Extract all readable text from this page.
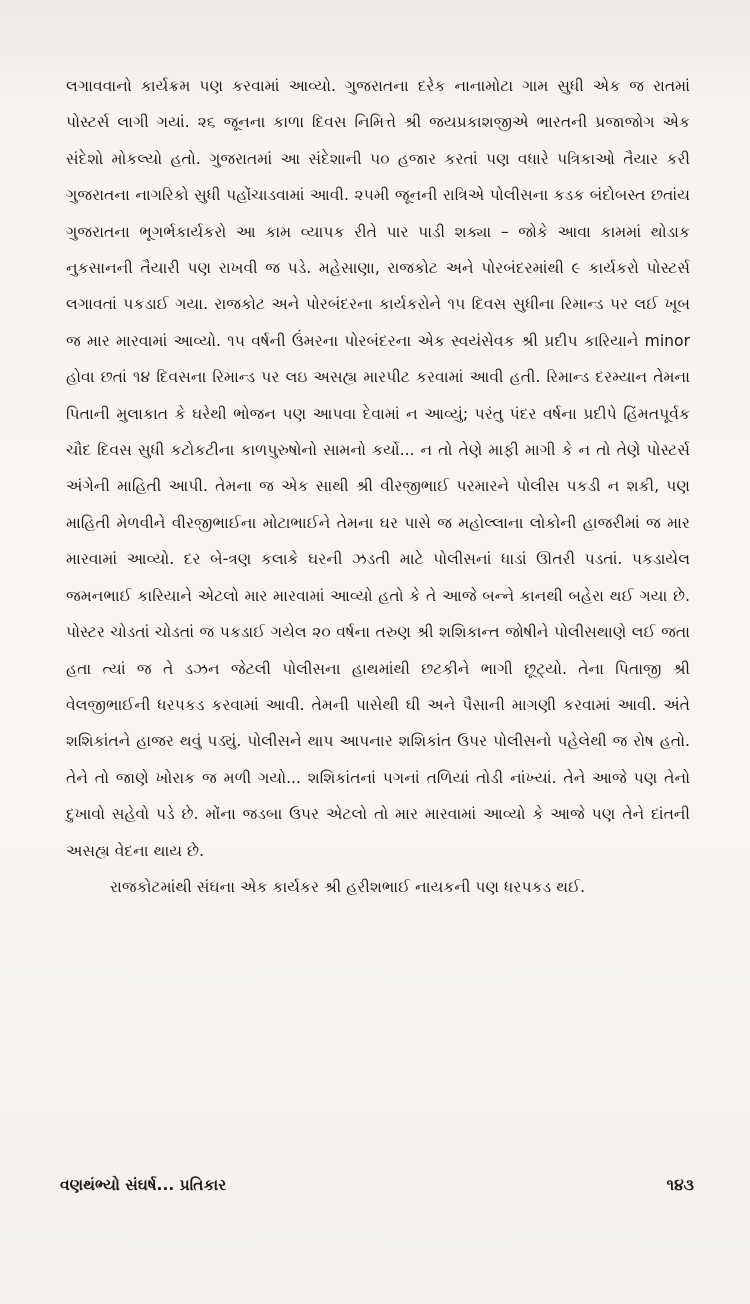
લગાવવાનો કાર્યક્રમ પણ કરવામાં આવ્યો. ગુજરાતના દરેક નાનામોટા ગામ સુધી એક જ રાતમાં પોસ્ટર્સ લાગી ગયાં. ૨૬ જૂનના કાળા દિવસ નિમિત્તે શ્રી જયપ્રકાશજીએ ભારતની પ્રજાજોગ એક સંદેશો મોકલ્યો હતો. ગુજરાતમાં આ સંદેશાની ૫૦ હજાર કરતાં પણ વધારે પત્રિકાઓ તૈયાર કરી ગુજરાતના નાગરિકો સુધી પહોંચાડવામાં આવી. ૨૫મી જૂનની રાત્રિએ પોલીસના કડક બંદોબસ્ત છતાંય ગુજરાતના ભૂગર્ભકાર્યકરો આ કામ વ્યાપક રીતે પાર પાડી શક્યા – જોકે આવા કામમાં થોડાક નુકસાનની તૈયારી પણ રાખવી જ પડે. મહેસાણા, રાજકોટ અને પોરબંદરમાંથી ૯ કાર્યકરો પોસ્ટર્સ લગાવતાં પકડાઈ ગયા. રાજકોટ અને પોરબંદરના કાર્યકરોને ૧૫ દિવસ સુધીના રિમાન્ડ પર લઈ ખૂબ જ માર મારવામાં આવ્યો. ૧૫ વર્ષની ઉંમરના પોરબંદરના એક સ્વયંસેવક શ્રી પ્રદીપ કારિયાને minor હોવા છતાં ૧૪ દિવસના રિમાન્ડ પર લઇ અસહ્ય મારપીટ કરવામાં આવી હતી. રિમાન્ડ દરમ્યાન તેમના પિતાની મુલાકાત કે ઘરેથી ભોજન પણ આપવા દેવામાં ન આવ્યું; પરંતુ પંદર વર્ષના પ્રદીપે હિંમતપૂર્વક ચૌદ દિવસ સુધી કટોકટીના કાળપુરુષોનો સામનો કર્યો... ન તો તેણે માફી માગી કે ન તો તેણે પોસ્ટર્સ અંગેની માહિતી આપી. તેમના જ એક સાથી શ્રી વીરજીભાઈ પરમારને પોલીસ પકડી ન શકી, પણ માહિતી મેળવીને વીરજીભાઈના મોટાભાઈને તેમના ઘર પાસે જ મહોલ્લાના લોકોની હાજરીમાં જ માર મારવામાં આવ્યો. દર બે-ત્રણ કલાકે ઘરની ઝડતી માટે પોલીસનાં ધાડાં ઊતરી પડતાં. પકડાયેલ જમનભાઈ કારિયાને એટલો માર મારવામાં આવ્યો હતો કે તે આજે બન્ને કાનથી બહેરા થઈ ગયા છે. પોસ્ટર ચોડતાં ચોડતાં જ પકડાઈ ગયેલ ૨૦ વર્ષના તરુણ શ્રી શશિકાન્ત જોષીને પોલીસથાણે લઈ જતા હતા ત્યાં જ તે ડઝન જેટલી પોલીસના હાથમાંથી છટકીને ભાગી છૂટ્યો. તેના પિતાજી શ્રી વેલજીભાઈની ધરપકડ કરવામાં આવી. તેમની પાસેથી ઘી અને પૈસાની માગણી કરવામાં આવી. અંતે શશિકાંતને હાજર થવું પડ્યું. પોલીસને થાપ આપનાર શશિકાંત ઉપર પોલીસનો પહેલેથી જ રોષ હતો. તેને તો જાણે ખોરાક જ મળી ગયો... શશિકાંતનાં પગનાં તળિયાં તોડી નાંખ્યાં. તેને આજે પણ તેનો દુખાવો સહેવો પડે છે. મોંના જડબા ઉપર એટલો તો માર મારવામાં આવ્યો કે આજે પણ તેને દાંતની અસહ્ય વેદના થાય છે.

રાજકોટમાંથી સંઘના એક કાર્યકર શ્રી હરીશભાઈ નાયકની પણ ધરપકડ થઈ.

વણથંભ્યો સંઘર્ષ... પ્રતિકાર	૧૪૩
